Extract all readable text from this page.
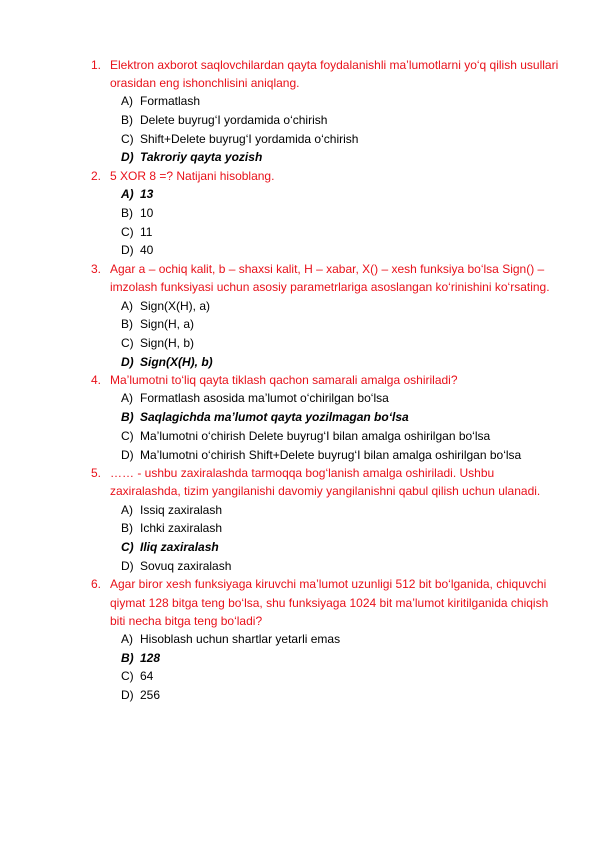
1. Elektron axborot saqlovchilardan qayta foydalanishli ma’lumotlarni yo‘q qilish usullari orasidan eng ishonchlisini aniqlang.
A) Formatlash
B) Delete buyrug‘I yordamida o‘chirish
C) Shift+Delete buyrug‘I yordamida o‘chirish
D) Takroriy qayta yozish
2. 5 XOR 8 =? Natijani hisoblang.
A) 13
B) 10
C) 11
D) 40
3. Agar a – ochiq kalit, b – shaxsi kalit, H – xabar, X() – xesh funksiya bo‘lsa Sign() – imzolash funksiyasi uchun asosiy parametrlariga asoslangan ko‘rinishini ko‘rsating.
A) Sign(X(H), a)
B) Sign(H, a)
C) Sign(H, b)
D) Sign(X(H), b)
4. Ma’lumotni to‘liq qayta tiklash qachon samarali amalga oshiriladi?
A) Formatlash asosida ma’lumot o‘chirilgan bo‘lsa
B) Saqlagichda ma’lumot qayta yozilmagan bo‘lsa
C) Ma’lumotni o‘chirish Delete buyrug‘I bilan amalga oshirilgan bo‘lsa
D) Ma’lumotni o‘chirish Shift+Delete buyrug‘I bilan amalga oshirilgan bo‘lsa
5. …… - ushbu zaxiralashda tarmoqqa bog‘lanish amalga oshiriladi. Ushbu zaxiralashda, tizim yangilanishi davomiy yangilanishni qabul qilish uchun ulanadi.
A) Issiq zaxiralash
B) Ichki zaxiralash
C) Iliq zaxiralash
D) Sovuq zaxiralash
6. Agar biror xesh funksiyaga kiruvchi ma’lumot uzunligi 512 bit bo‘lganida, chiquvchi qiymat 128 bitga teng bo‘lsa, shu funksiyaga 1024 bit ma’lumot kiritilganida chiqish biti necha bitga teng bo‘ladi?
A) Hisoblash uchun shartlar yetarli emas
B) 128
C) 64
D) 256
